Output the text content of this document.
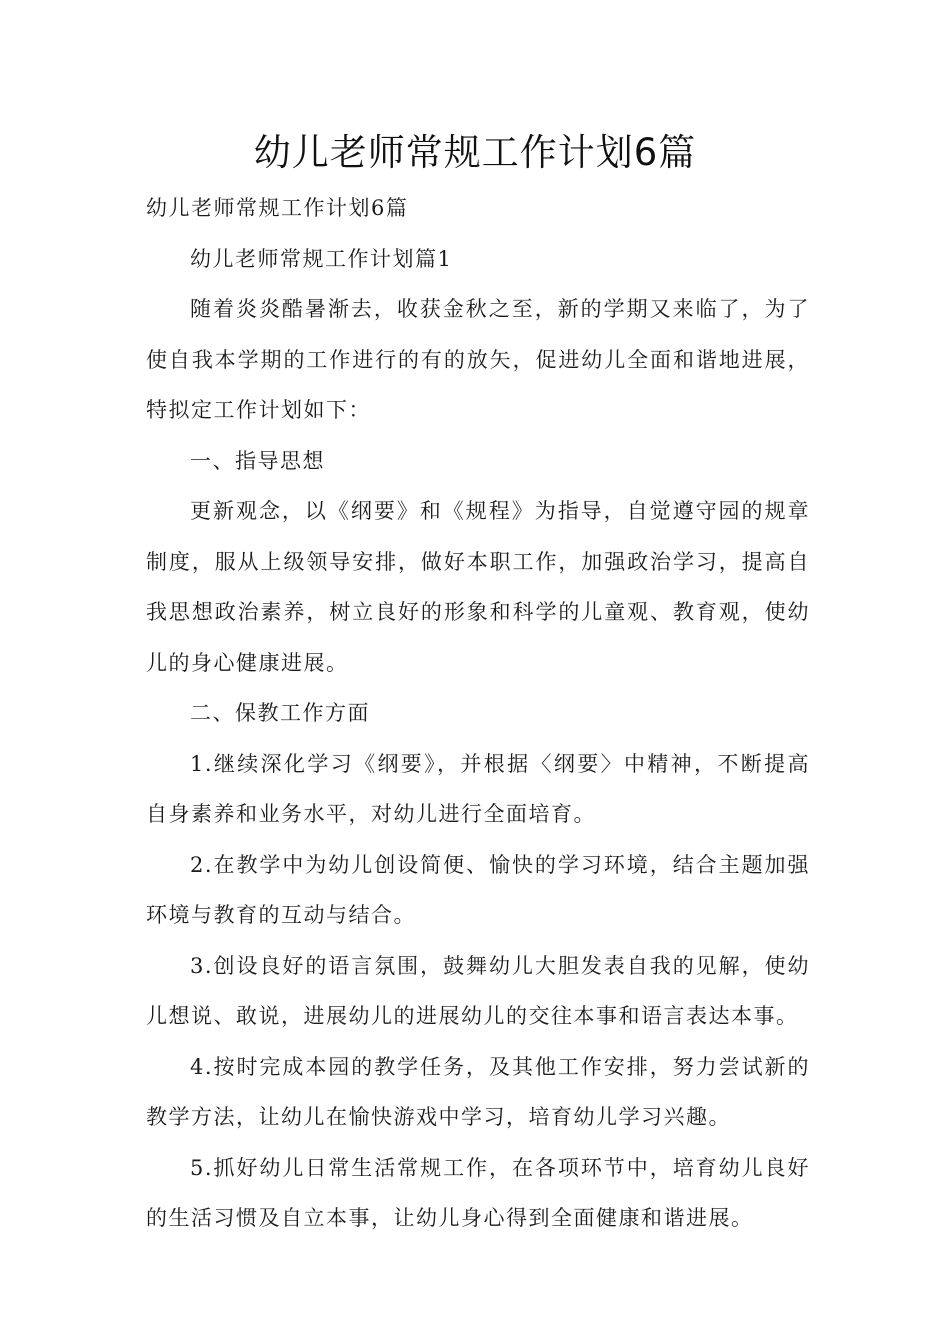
幼儿老师常规工作计划6篇

幼儿老师常规工作计划6篇

幼儿老师常规工作计划篇1

随着炎炎酷暑渐去，收获金秋之至，新的学期又来临了，为了使自我本学期的工作进行的有的放矢，促进幼儿全面和谐地进展，特拟定工作计划如下：

一、指导思想

更新观念，以《纲要》和《规程》为指导，自觉遵守园的规章制度，服从上级领导安排，做好本职工作，加强政治学习，提高自我思想政治素养，树立良好的形象和科学的儿童观、教育观，使幼儿的身心健康进展。

二、保教工作方面

1.继续深化学习《纲要》，并根据〈纲要〉中精神，不断提高自身素养和业务水平，对幼儿进行全面培育。

2.在教学中为幼儿创设简便、愉快的学习环境，结合主题加强环境与教育的互动与结合。

3.创设良好的语言氛围，鼓舞幼儿大胆发表自我的见解，使幼儿想说、敢说，进展幼儿的进展幼儿的交往本事和语言表达本事。

4.按时完成本园的教学任务，及其他工作安排，努力尝试新的教学方法，让幼儿在愉快游戏中学习，培育幼儿学习兴趣。

5.抓好幼儿日常生活常规工作，在各项环节中，培育幼儿良好的生活习惯及自立本事，让幼儿身心得到全面健康和谐进展。
